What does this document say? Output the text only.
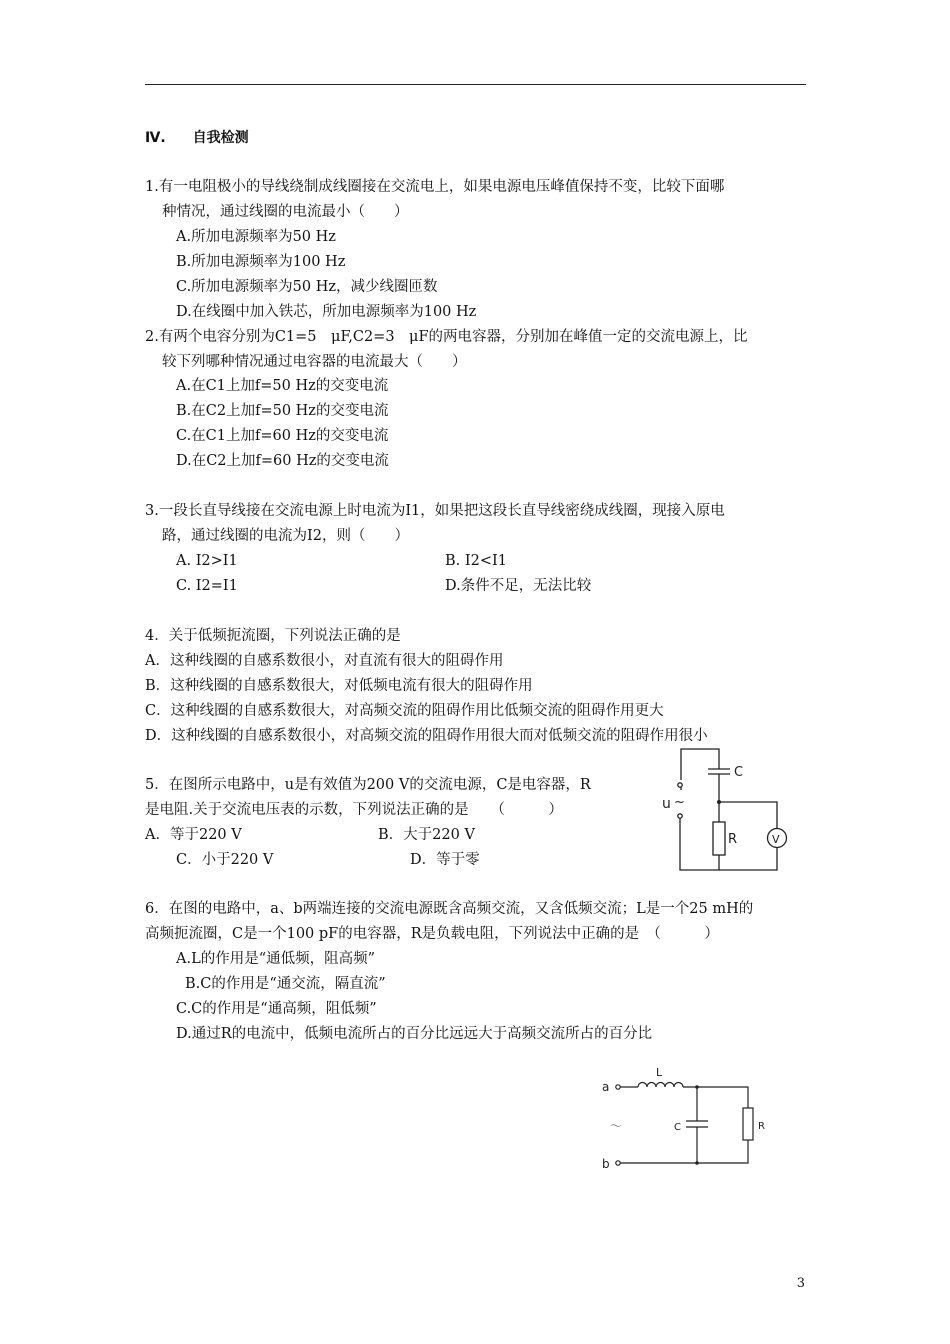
Ⅳ. 自我检测
1.有一电阻极小的导线绕制成线圈接在交流电上，如果电源电压峰值保持不变，比较下面哪
种情况，通过线圈的电流最小（　　）
A.所加电源频率为50 Hz
B.所加电源频率为100 Hz
C.所加电源频率为50 Hz，减少线圈匝数
D.在线圈中加入铁芯，所加电源频率为100 Hz
2.有两个电容分别为C1=5　μF,C2=3　μF的两电容器，分别加在峰值一定的交流电源上，比
较下列哪种情况通过电容器的电流最大（　　）
A.在C1上加f=50 Hz的交变电流
B.在C2上加f=50 Hz的交变电流
C.在C1上加f=60 Hz的交变电流
D.在C2上加f=60 Hz的交变电流
3.一段长直导线接在交流电源上时电流为I1，如果把这段长直导线密绕成线圈，现接入原电
路，通过线圈的电流为I2，则（　　）
A. I2>I1	B. I2<I1
C. I2=I1	D.条件不足，无法比较
4．关于低频扼流圈，下列说法正确的是
A．这种线圈的自感系数很小，对直流有很大的阻碍作用
B．这种线圈的自感系数很大，对低频电流有很大的阻碍作用
C．这种线圈的自感系数很大，对高频交流的阻碍作用比低频交流的阻碍作用更大
D．这种线圈的自感系数很小，对高频交流的阻碍作用很大而对低频交流的阻碍作用很小
5．在图所示电路中，u是有效值为200 V的交流电源，C是电容器，R
是电阻.关于交流电压表的示数，下列说法正确的是　　（　　　）
A．等于220 V	B．大于220 V
C．小于220 V	D．等于零
C
u ~
R	V
6．在图的电路中，a、b两端连接的交流电源既含高频交流，又含低频交流；L是一个25 mH的
高频扼流圈，C是一个100 pF的电容器，R是负载电阻，下列说法中正确的是　（　　　）
A.L的作用是“通低频，阻高频”
B.C的作用是“通交流，隔直流”
C.C的作用是“通高频，阻低频”
D.通过R的电流中，低频电流所占的百分比远远大于高频交流所占的百分比
a
b
L
C	R
～
3
